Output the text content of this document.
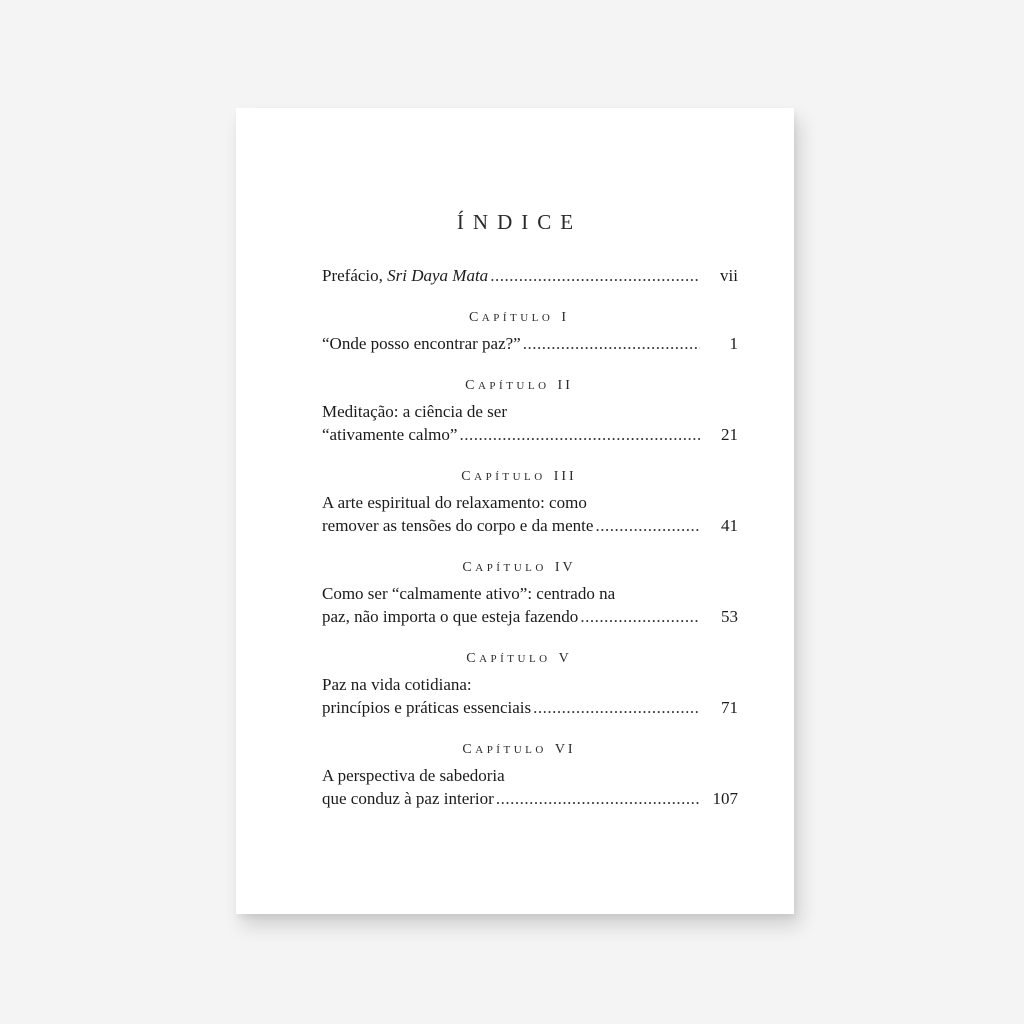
ÍNDICE
Prefácio, Sri Daya Mata .....	vii
CAPÍTULO I
“Onde posso encontrar paz?” .....	1
CAPÍTULO II
Meditação: a ciência de ser
“ativamente calmo” .....	21
CAPÍTULO III
A arte espiritual do relaxamento: como
remover as tensões do corpo e da mente .....	41
CAPÍTULO IV
Como ser “calmamente ativo”: centrado na
paz, não importa o que esteja fazendo .....	53
CAPÍTULO V
Paz na vida cotidiana:
princípios e práticas essenciais .....	71
CAPÍTULO VI
A perspectiva de sabedoria
que conduz à paz interior .....	107
